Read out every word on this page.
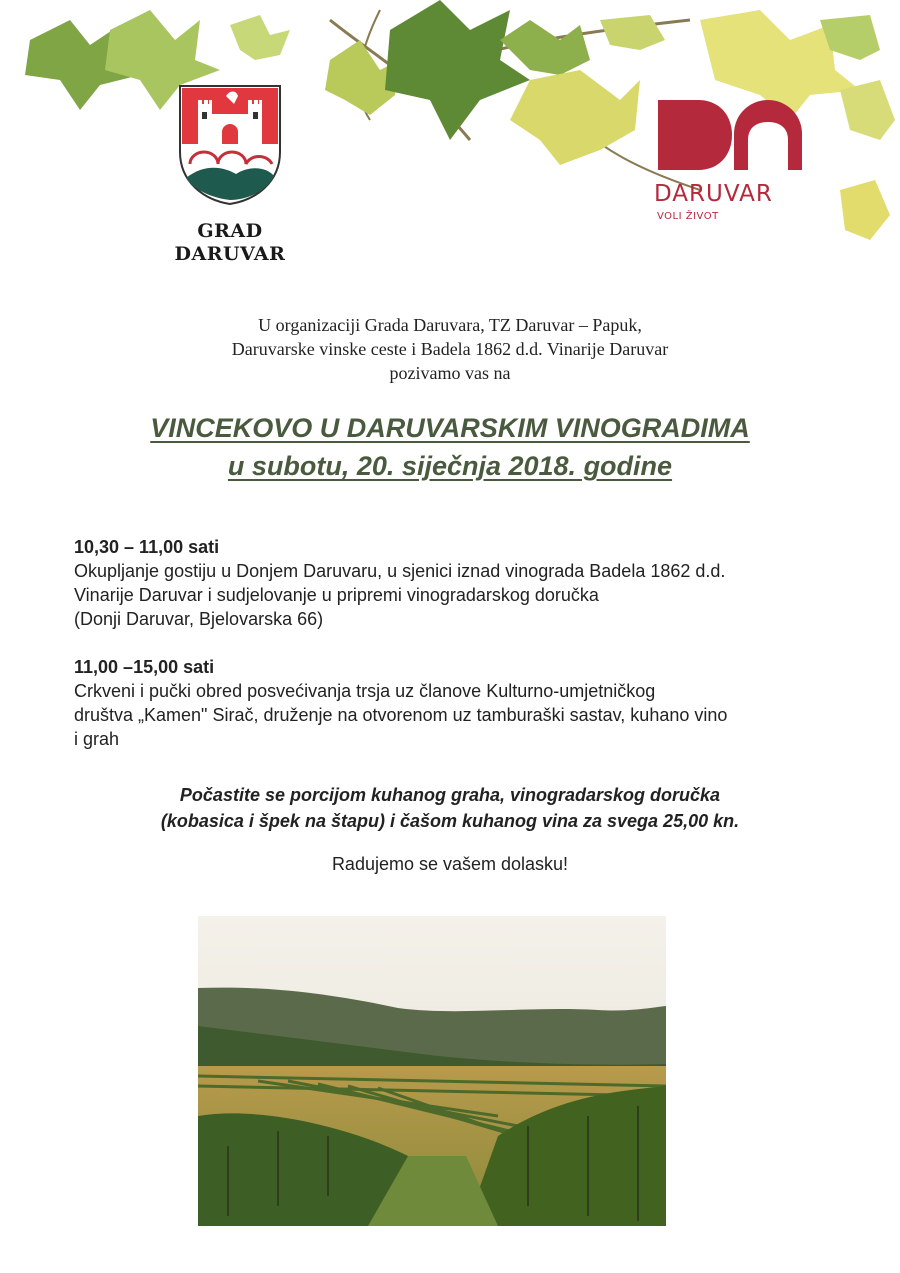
GRAD
DARUVAR
DARUVAR
VOLI ŽIVOT
U organizaciji Grada Daruvara, TZ Daruvar – Papuk,
Daruvarske vinske ceste i Badela 1862 d.d. Vinarije Daruvar
pozivamo vas na
VINCEKOVO U DARUVARSKIM VINOGRADIMA
u subotu, 20. siječnja 2018. godine
10,30 – 11,00 sati
Okupljanje gostiju u Donjem Daruvaru, u sjenici iznad vinograda Badela 1862 d.d.
Vinarije Daruvar i sudjelovanje u pripremi vinogradarskog doručka
(Donji Daruvar, Bjelovarska 66)
11,00 –15,00 sati
Crkveni i pučki obred posvećivanja trsja uz članove Kulturno-umjetničkog
društva „Kamen" Sirač, druženje na otvorenom uz tamburaški sastav, kuhano vino
i grah
Počastite se porcijom kuhanog graha, vinogradarskog doručka
(kobasica i špek na štapu) i čašom kuhanog vina za svega 25,00 kn.
Radujemo se vašem dolasku!
